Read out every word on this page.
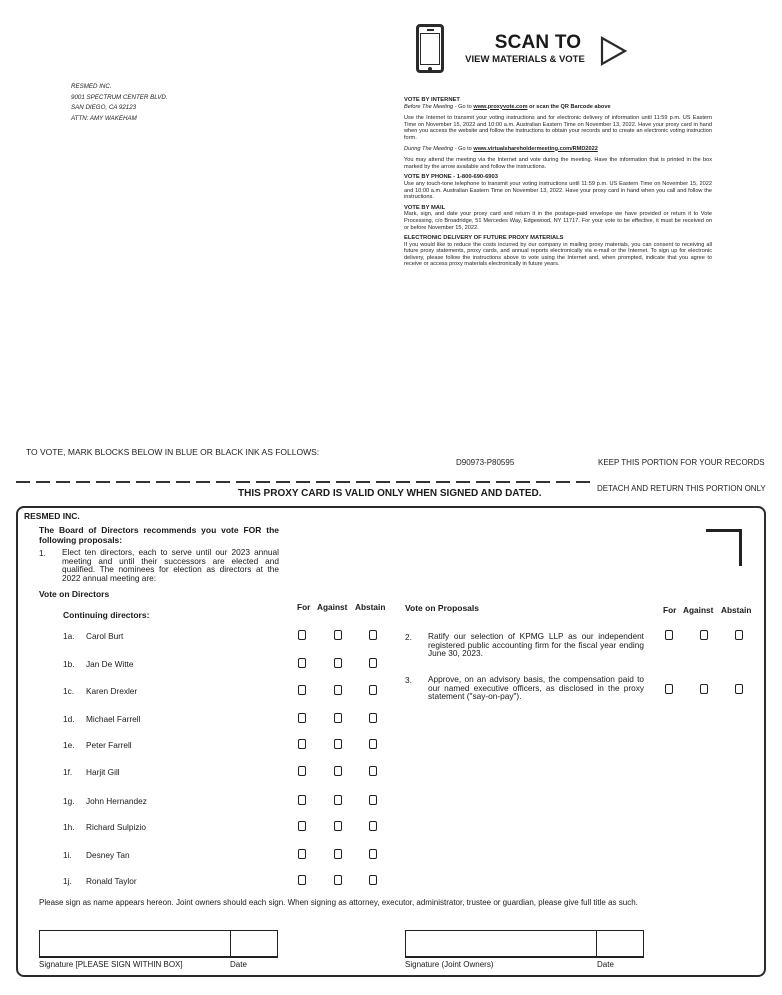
SCAN TO
VIEW MATERIALS & VOTE
RESMED INC.
9001 SPECTRUM CENTER BLVD.
SAN DIEGO, CA 92123
ATTN: AMY WAKEHAM
VOTE BY INTERNET

Before The Meeting - Go to www.proxyvote.com or scan the QR Barcode above

Use the Internet to transmit your voting instructions and for electronic delivery of information until 11:59 p.m. US Eastern Time on November 15, 2022 and 10:00 a.m. Australian Eastern Time on November 13, 2022. Have your proxy card in hand when you access the website and follow the instructions to obtain your records and to create an electronic voting instruction form.

During The Meeting - Go to www.virtualshareholdermeeting.com/RMD2022

You may attend the meeting via the Internet and vote during the meeting. Have the information that is printed in the box marked by the arrow available and follow the instructions.

VOTE BY PHONE - 1-800-690-6903

Use any touch-tone telephone to transmit your voting instructions until 11:59 p.m. US Eastern Time on November 15, 2022 and 10:00 a.m. Australian Eastern Time on November 13, 2022. Have your proxy card in hand when you call and follow the instructions.

VOTE BY MAIL

Mark, sign, and date your proxy card and return it in the postage-paid envelope we have provided or return it to Vote Processing, c/o Broadridge, 51 Mercedes Way, Edgewood, NY 11717. For your vote to be effective, it must be received on or before November 15, 2022.

ELECTRONIC DELIVERY OF FUTURE PROXY MATERIALS

If you would like to reduce the costs incurred by our company in mailing proxy materials, you can consent to receiving all future proxy statements, proxy cards, and annual reports electronically via e-mail or the Internet. To sign up for electronic delivery, please follow the instructions above to vote using the Internet and, when prompted, indicate that you agree to receive or access proxy materials electronically in future years.

TO VOTE, MARK BLOCKS BELOW IN BLUE OR BLACK INK AS FOLLOWS:
D90973-P80595	KEEP THIS PORTION FOR YOUR RECORDS
THIS PROXY CARD IS VALID ONLY WHEN SIGNED AND DATED.	DETACH AND RETURN THIS PORTION ONLY
RESMED INC.
The Board of Directors recommends you vote FOR the following proposals:
1. Elect ten directors, each to serve until our 2023 annual meeting and until their successors are elected and qualified. The nominees for election as directors at the 2022 annual meeting are:
Vote on Directors
Continuing directors:
For Against Abstain
1a. Carol Burt
1b. Jan De Witte
1c. Karen Drexler
1d. Michael Farrell
1e. Peter Farrell
1f. Harjit Gill
1g. John Hernandez
1h. Richard Sulpizio
1i. Desney Tan
1j. Ronald Taylor
Vote on Proposals	For Against Abstain
2. Ratify our selection of KPMG LLP as our independent registered public accounting firm for the fiscal year ending June 30, 2023.
3. Approve, on an advisory basis, the compensation paid to our named executive officers, as disclosed in the proxy statement ("say-on-pay").
Please sign as name appears hereon. Joint owners should each sign. When signing as attorney, executor, administrator, trustee or guardian, please give full title as such.
Signature [PLEASE SIGN WITHIN BOX]	Date	Signature (Joint Owners)	Date
